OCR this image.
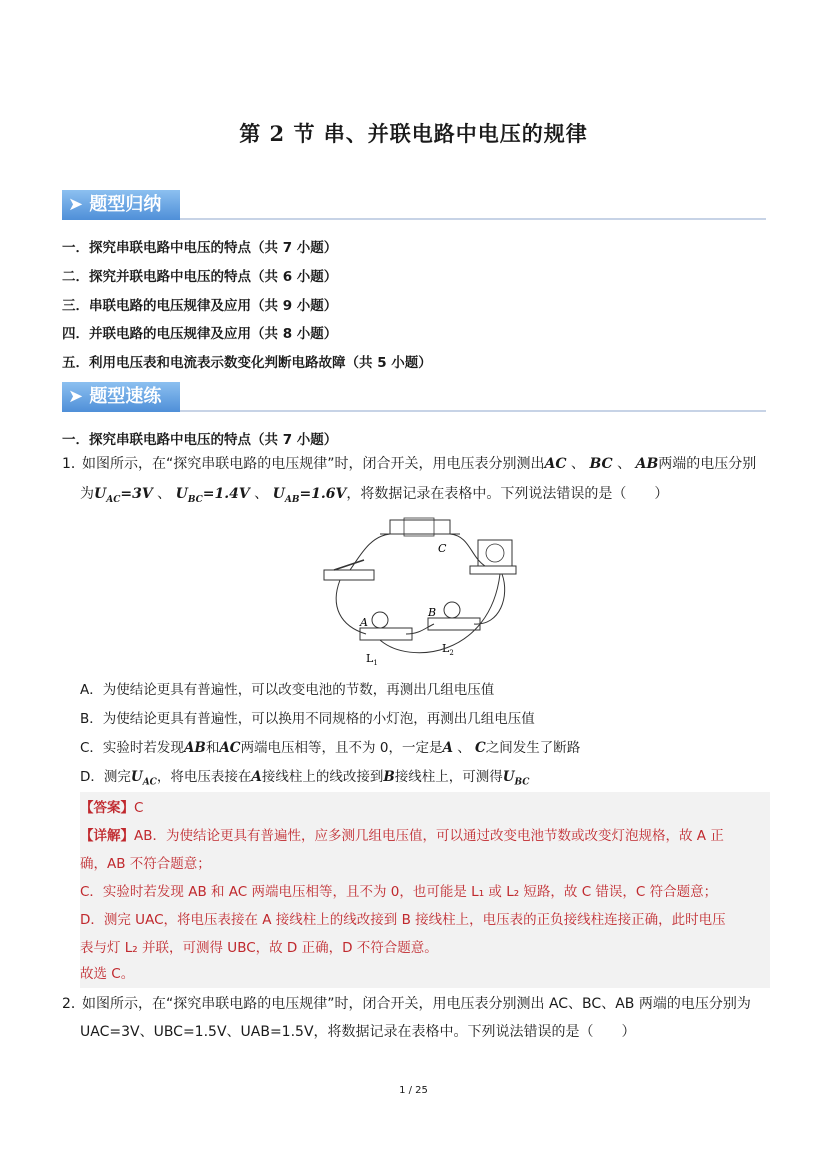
第 2 节 串、并联电路中电压的规律
➤ 题型归纳
一．探究串联电路中电压的特点（共 7 小题）
二．探究并联电路中电压的特点（共 6 小题）
三．串联电路的电压规律及应用（共 9 小题）
四．并联电路的电压规律及应用（共 8 小题）
五．利用电压表和电流表示数变化判断电路故障（共 5 小题）
➤ 题型速练
一．探究串联电路中电压的特点（共 7 小题）
1．如图所示，在“探究串联电路的电压规律”时，闭合开关，用电压表分别测出AC 、 BC 、 AB两端的电压分别
为$U_{AC}=3V$ 、 $U_{BC}=1.4V$ 、 $U_{AB}=1.6V$，将数据记录在表格中。下列说法错误的是（　　）
C
A
B
$L_1$
$L_2$
A．为使结论更具有普遍性，可以改变电池的节数，再测出几组电压值
B．为使结论更具有普遍性，可以换用不同规格的小灯泡，再测出几组电压值
C．实验时若发现AB和AC两端电压相等，且不为 0，一定是A 、 C之间发生了断路
D．测完$U_{AC}$，将电压表接在A接线柱上的线改接到B接线柱上，可测得$U_{BC}$
【答案】C
【详解】AB．为使结论更具有普遍性，应多测几组电压值，可以通过改变电池节数或改变灯泡规格，故 A 正
确，AB 不符合题意；
C．实验时若发现 AB 和 AC 两端电压相等，且不为 0，也可能是 L₁ 或 L₂ 短路，故 C 错误，C 符合题意；
D．测完 UAC，将电压表接在 A 接线柱上的线改接到 B 接线柱上，电压表的正负接线柱连接正确，此时电压
表与灯 L₂ 并联，可测得 UBC，故 D 正确，D 不符合题意。
故选 C。
2．如图所示，在“探究串联电路的电压规律”时，闭合开关，用电压表分别测出 AC、BC、AB 两端的电压分别为
UAC=3V、UBC=1.5V、UAB=1.5V，将数据记录在表格中。下列说法错误的是（　　）
1 / 25
